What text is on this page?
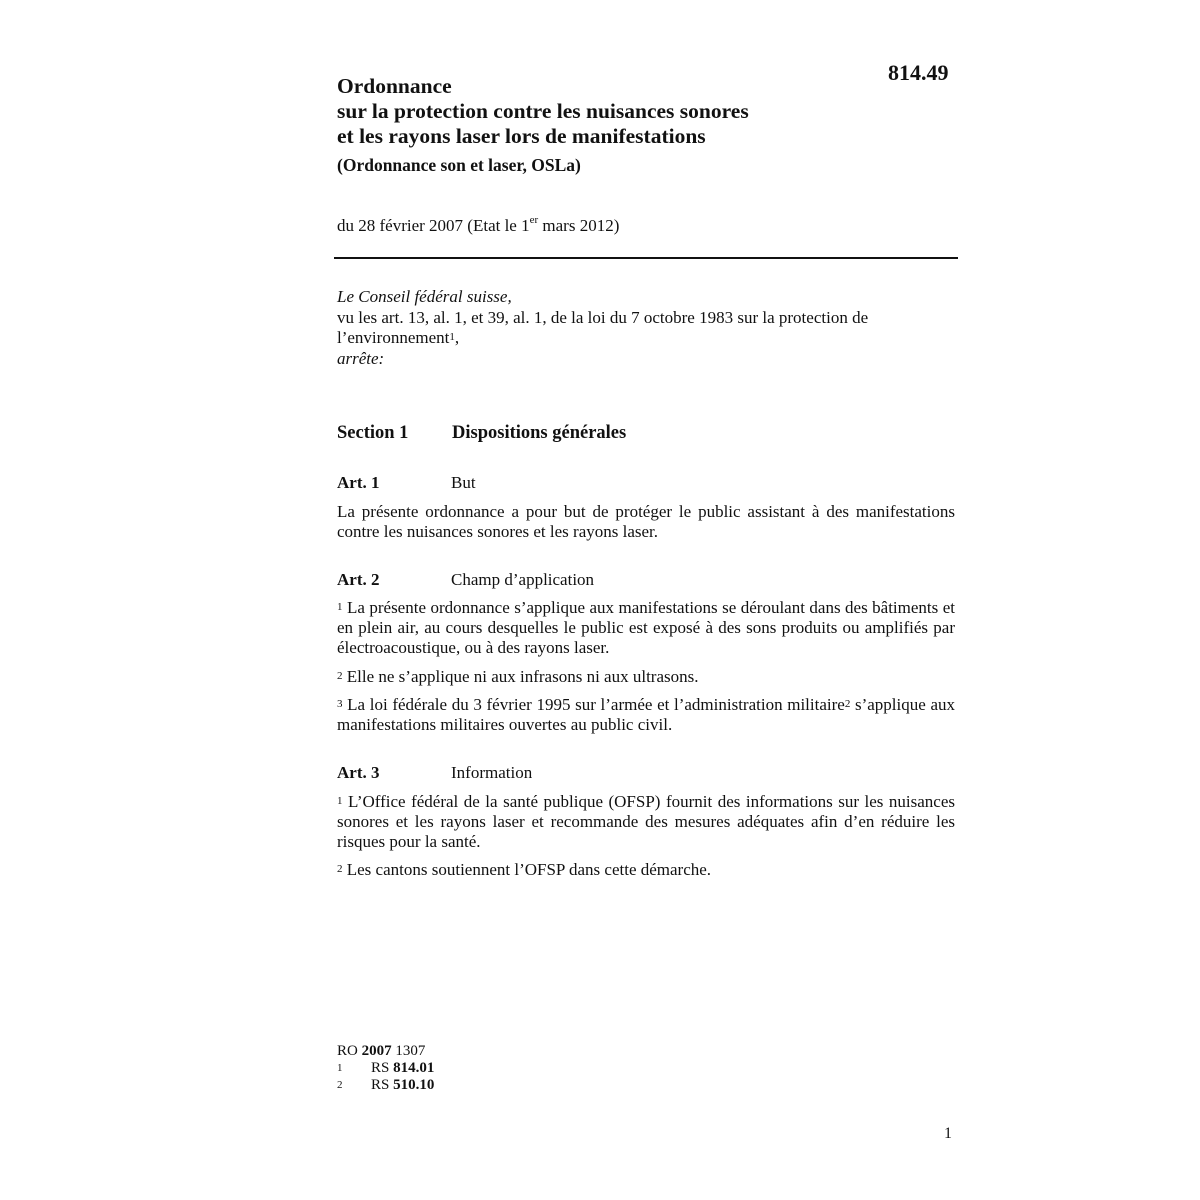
814.49
Ordonnance
sur la protection contre les nuisances sonores
et les rayons laser lors de manifestations
(Ordonnance son et laser, OSLa)
du 28 février 2007 (Etat le 1er mars 2012)
Le Conseil fédéral suisse,
vu les art. 13, al. 1, et 39, al. 1, de la loi du 7 octobre 1983 sur la protection de l’environnement$^1$,
arrête:
Section 1 Dispositions générales
Art. 1	But
La présente ordonnance a pour but de protéger le public assistant à des manifestations contre les nuisances sonores et les rayons laser.
Art. 2	Champ d’application
$^1$ La présente ordonnance s’applique aux manifestations se déroulant dans des bâtiments et en plein air, au cours desquelles le public est exposé à des sons produits ou amplifiés par électroacoustique, ou à des rayons laser.
$^2$ Elle ne s’applique ni aux infrasons ni aux ultrasons.
$^3$ La loi fédérale du 3 février 1995 sur l’armée et l’administration militaire$^2$ s’applique aux manifestations militaires ouvertes au public civil.
Art. 3	Information
$^1$ L’Office fédéral de la santé publique (OFSP) fournit des informations sur les nuisances sonores et les rayons laser et recommande des mesures adéquates afin d’en réduire les risques pour la santé.
$^2$ Les cantons soutiennent l’OFSP dans cette démarche.
RO 2007 1307
1 RS 814.01
2 RS 510.10
1
